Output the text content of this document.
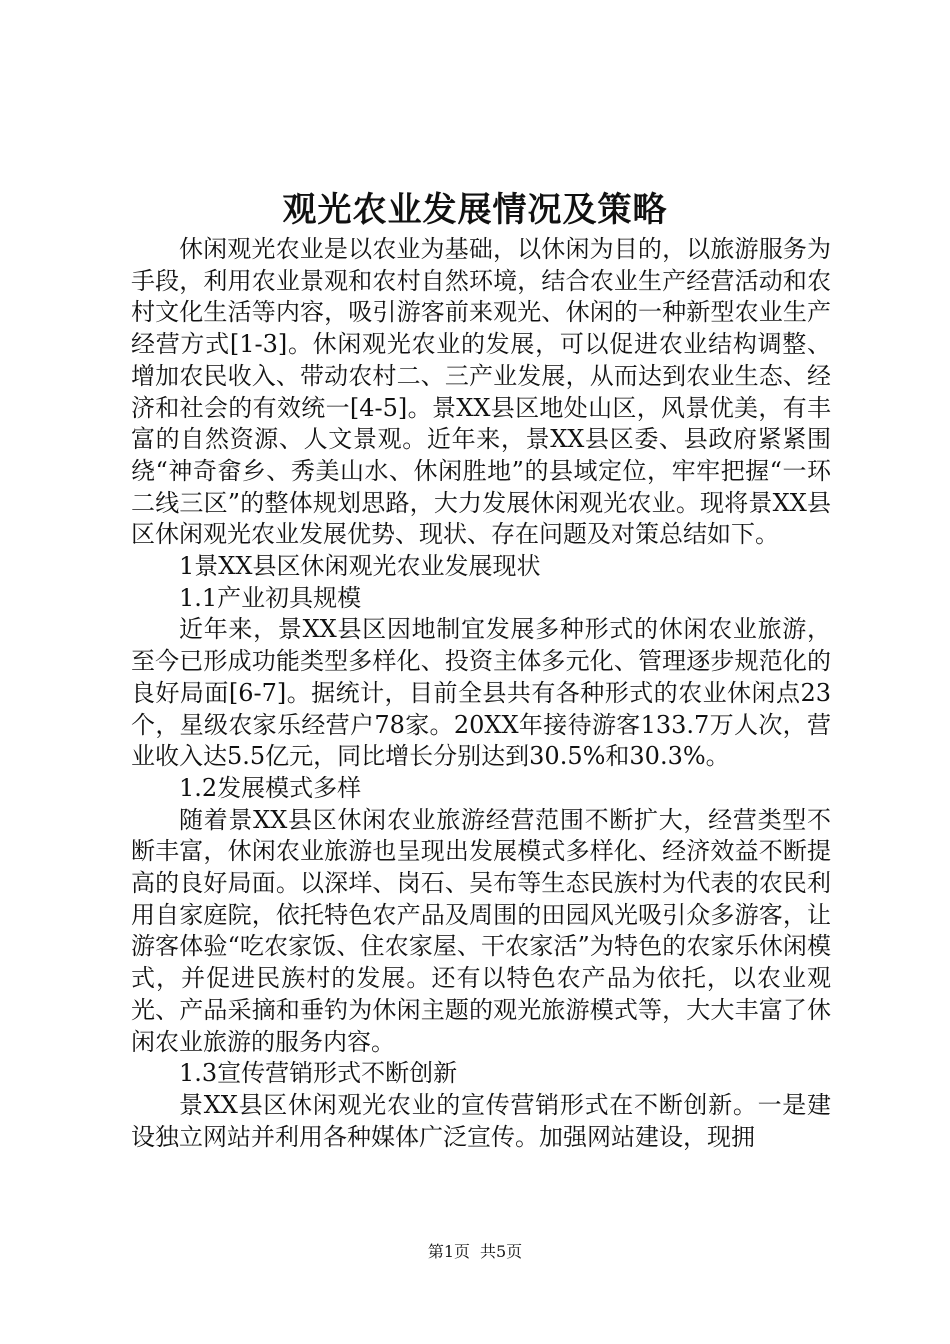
观光农业发展情况及策略

休闲观光农业是以农业为基础，以休闲为目的，以旅游服务为手段，利用农业景观和农村自然环境，结合农业生产经营活动和农村文化生活等内容，吸引游客前来观光、休闲的一种新型农业生产经营方式[1-3]。休闲观光农业的发展，可以促进农业结构调整、增加农民收入、带动农村二、三产业发展，从而达到农业生态、经济和社会的有效统一[4-5]。景XX县区地处山区，风景优美，有丰富的自然资源、人文景观。近年来，景XX县区委、县政府紧紧围绕“神奇畲乡、秀美山水、休闲胜地”的县域定位，牢牢把握“一环二线三区”的整体规划思路，大力发展休闲观光农业。现将景XX县区休闲观光农业发展优势、现状、存在问题及对策总结如下。

1景XX县区休闲观光农业发展现状

1.1产业初具规模

近年来，景XX县区因地制宜发展多种形式的休闲农业旅游，至今已形成功能类型多样化、投资主体多元化、管理逐步规范化的良好局面[6-7]。据统计，目前全县共有各种形式的农业休闲点23个，星级农家乐经营户78家。20XX年接待游客133.7万人次，营业收入达5.5亿元，同比增长分别达到30.5%和30.3%。

1.2发展模式多样

随着景XX县区休闲农业旅游经营范围不断扩大，经营类型不断丰富，休闲农业旅游也呈现出发展模式多样化、经济效益不断提高的良好局面。以深垟、岗石、吴布等生态民族村为代表的农民利用自家庭院，依托特色农产品及周围的田园风光吸引众多游客，让游客体验“吃农家饭、住农家屋、干农家活”为特色的农家乐休闲模式，并促进民族村的发展。还有以特色农产品为依托，以农业观光、产品采摘和垂钓为休闲主题的观光旅游模式等，大大丰富了休闲农业旅游的服务内容。

1.3宣传营销形式不断创新

景XX县区休闲观光农业的宣传营销形式在不断创新。一是建设独立网站并利用各种媒体广泛宣传。加强网站建设，现拥

第1页 共5页
